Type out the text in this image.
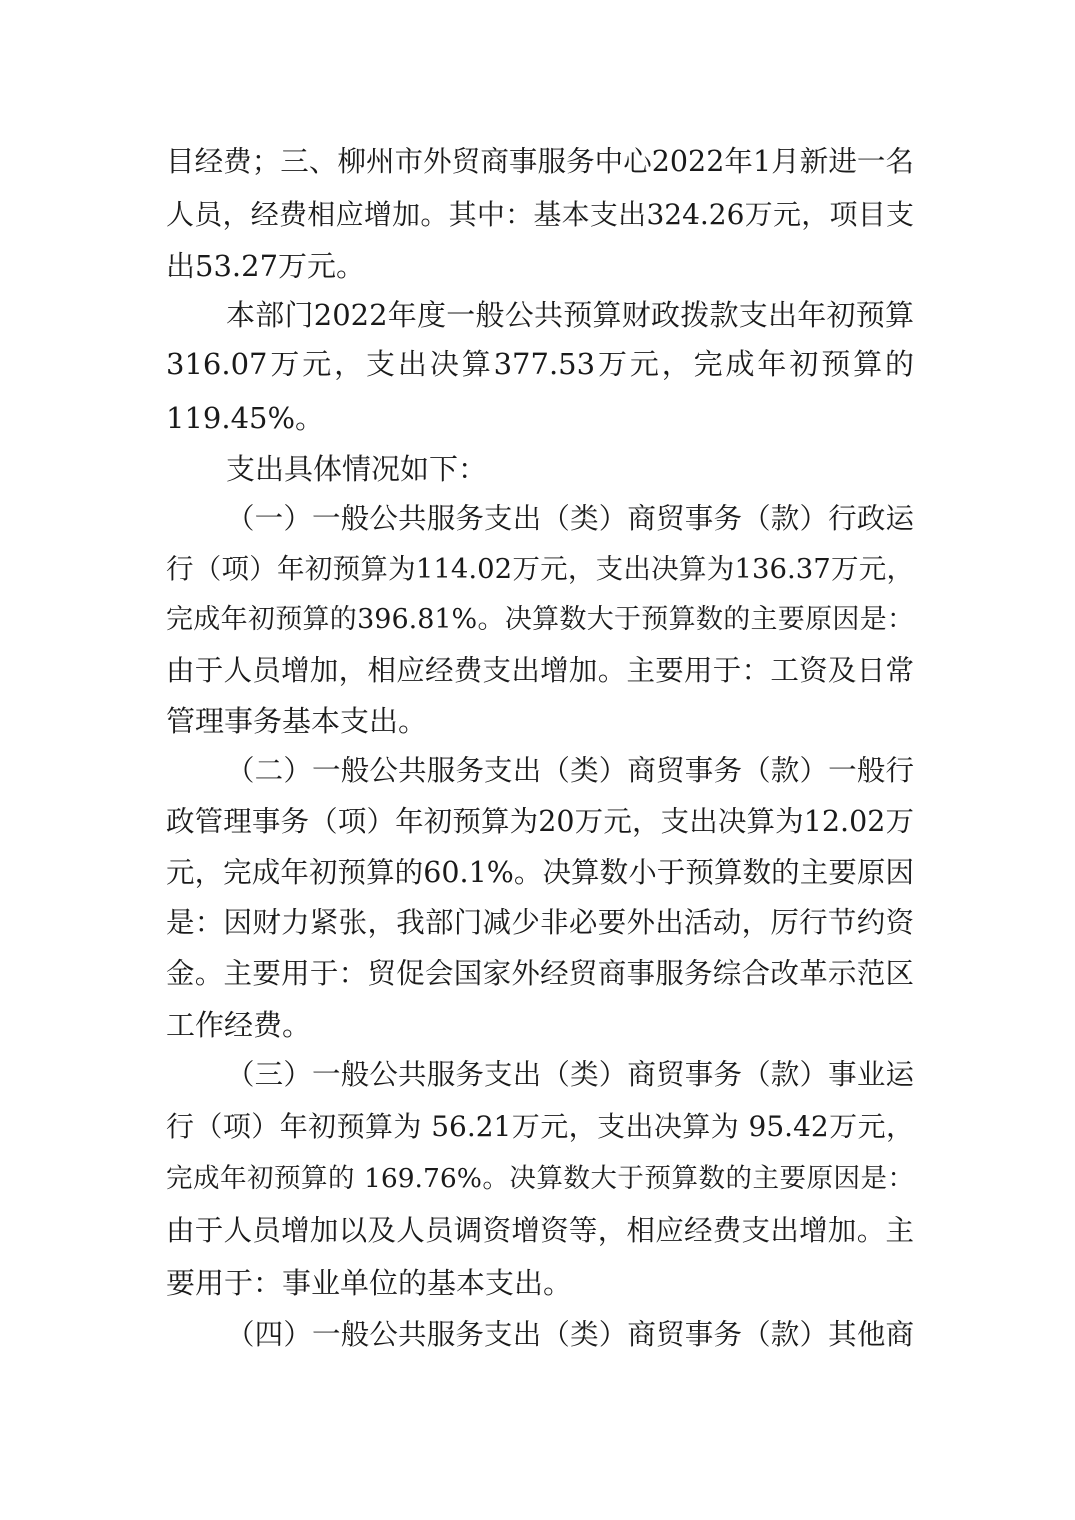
目经费；三、柳州市外贸商事服务中心2022年1月新进一名
人员，经费相应增加。其中：基本支出324.26万元，项目支
出53.27万元。
本部门2022年度一般公共预算财政拨款支出年初预算
316.07万元，支出决算377.53万元，完成年初预算的
119.45%。
支出具体情况如下：
（一）一般公共服务支出（类）商贸事务（款）行政运
行（项）年初预算为114.02万元，支出决算为136.37万元，
完成年初预算的396.81%。决算数大于预算数的主要原因是：
由于人员增加，相应经费支出增加。主要用于：工资及日常
管理事务基本支出。
（二）一般公共服务支出（类）商贸事务（款）一般行
政管理事务（项）年初预算为20万元，支出决算为12.02万
元，完成年初预算的60.1%。决算数小于预算数的主要原因
是：因财力紧张，我部门减少非必要外出活动，厉行节约资
金。主要用于：贸促会国家外经贸商事服务综合改革示范区
工作经费。
（三）一般公共服务支出（类）商贸事务（款）事业运
行（项）年初预算为 56.21万元，支出决算为 95.42万元，
完成年初预算的 169.76%。决算数大于预算数的主要原因是：
由于人员增加以及人员调资增资等，相应经费支出增加。主
要用于：事业单位的基本支出。
（四）一般公共服务支出（类）商贸事务（款）其他商
